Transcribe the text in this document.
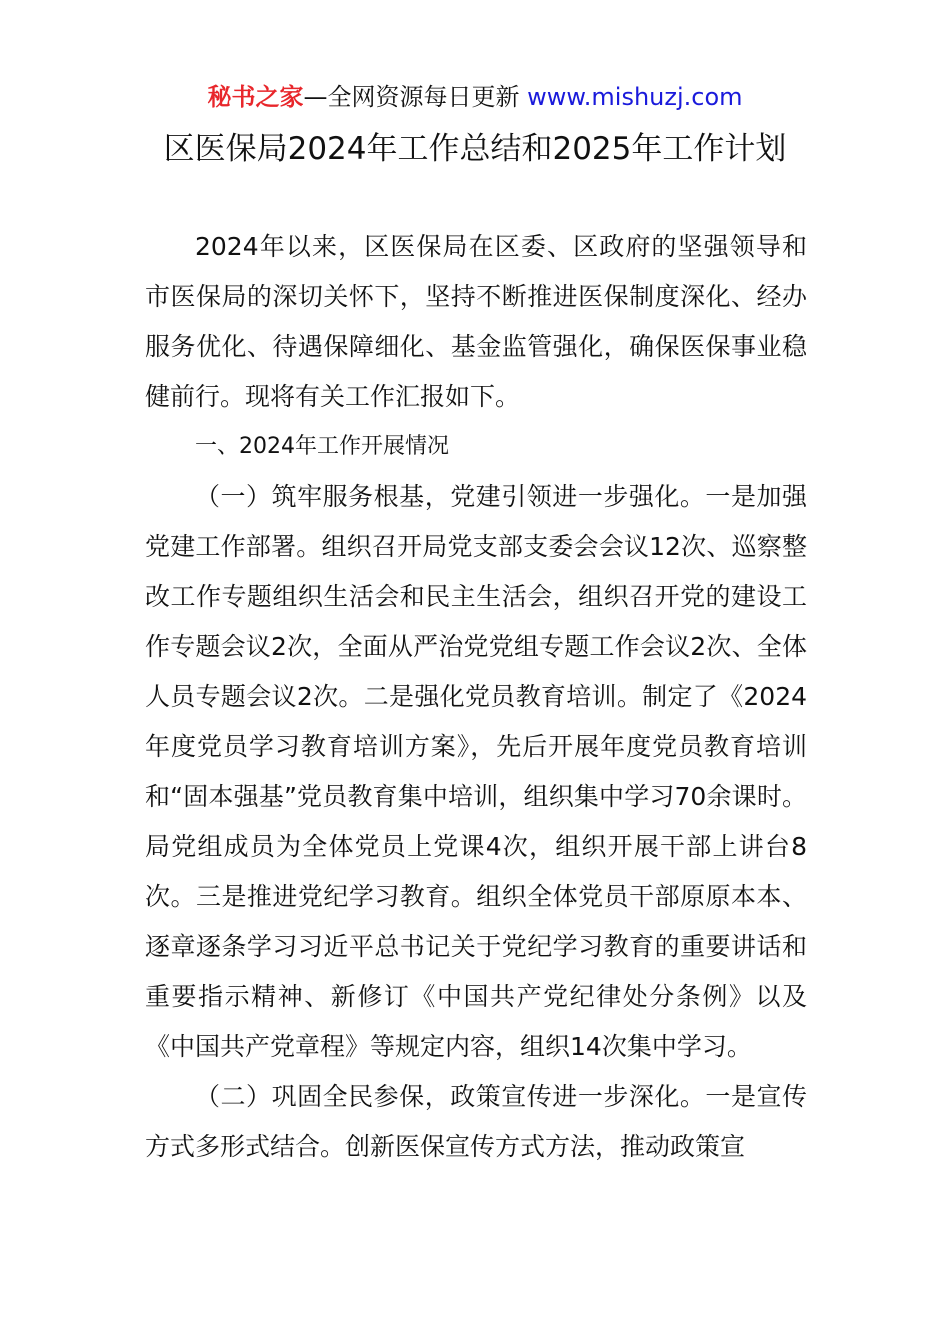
秘书之家—全网资源每日更新 www.mishuzj.com
区医保局2024年工作总结和2025年工作计划

2024年以来，区医保局在区委、区政府的坚强领导和市医保局的深切关怀下，坚持不断推进医保制度深化、经办服务优化、待遇保障细化、基金监管强化，确保医保事业稳健前行。现将有关工作汇报如下。

一、2024年工作开展情况

（一）筑牢服务根基，党建引领进一步强化。一是加强党建工作部署。组织召开局党支部支委会会议12次、巡察整改工作专题组织生活会和民主生活会，组织召开党的建设工作专题会议2次，全面从严治党党组专题工作会议2次、全体人员专题会议2次。二是强化党员教育培训。制定了《2024年度党员学习教育培训方案》，先后开展年度党员教育培训和“固本强基”党员教育集中培训，组织集中学习70余课时。局党组成员为全体党员上党课4次，组织开展干部上讲台8次。三是推进党纪学习教育。组织全体党员干部原原本本、逐章逐条学习习近平总书记关于党纪学习教育的重要讲话和重要指示精神、新修订《中国共产党纪律处分条例》以及《中国共产党章程》等规定内容，组织14次集中学习。

（二）巩固全民参保，政策宣传进一步深化。一是宣传方式多形式结合。创新医保宣传方式方法，推动政策宣
